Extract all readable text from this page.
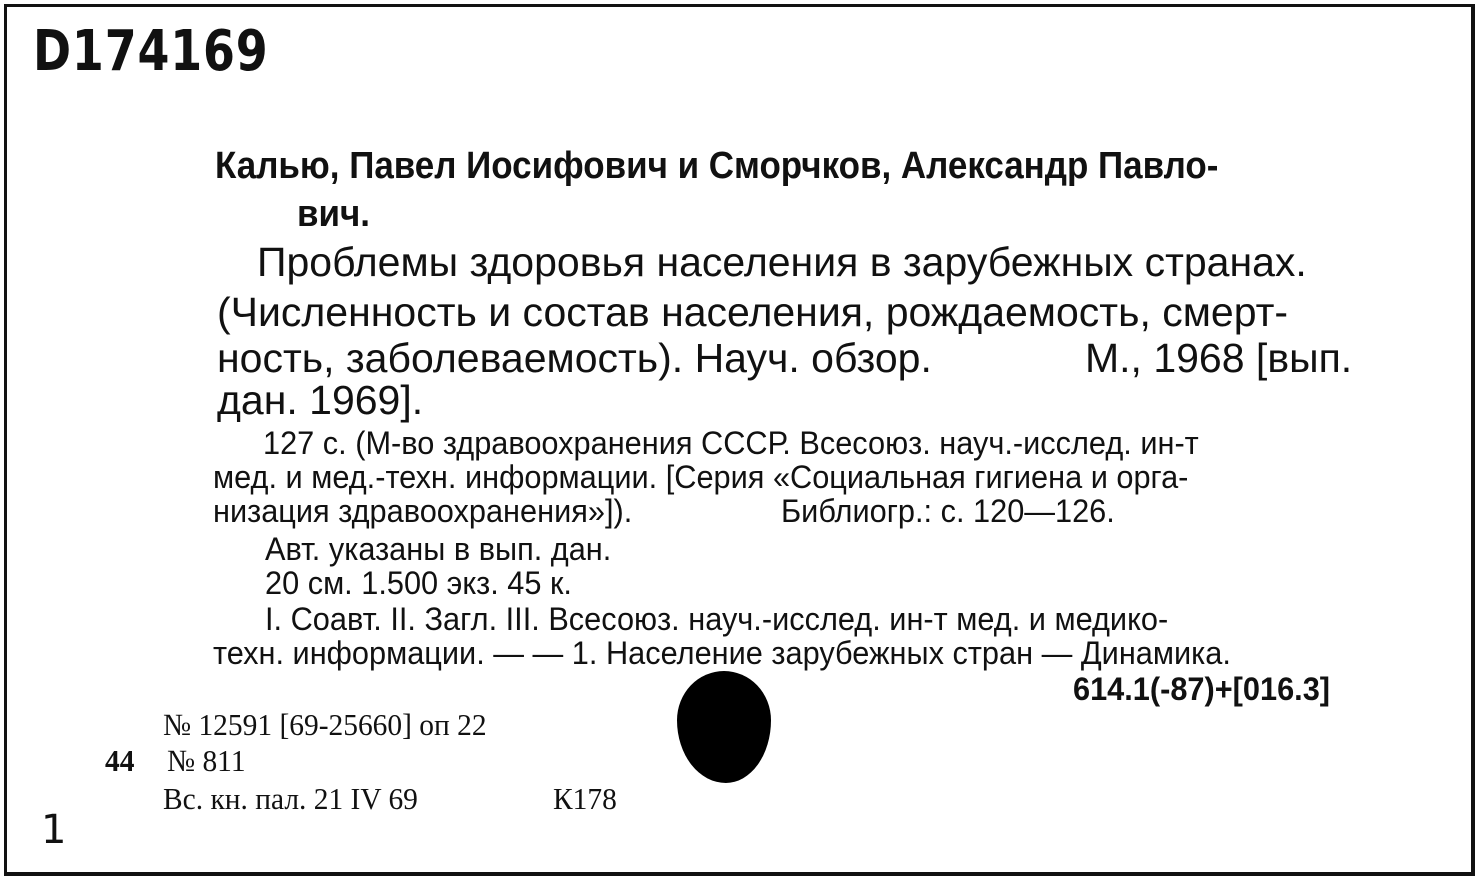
D174169
Калью, Павел Иосифович и Сморчков, Александр Павло-
вич.
Проблемы здоровья населения в зарубежных странах.
(Численность и состав населения, рождаемость, смерт-
ность, заболеваемость). Науч. обзор.	М., 1968 [вып.
дан. 1969].
127 с. (М-во здравоохранения СССР. Всесоюз. науч.-исслед. ин-т
мед. и мед.-техн. информации. [Серия «Социальная гигиена и орга-
низация здравоохранения»]).	Библиогр.: с. 120—126.
Авт. указаны в вып. дан.
20 см. 1.500 экз. 45 к.
I. Соавт. II. Загл. III. Всесоюз. науч.-исслед. ин-т мед. и медико-
техн. информации. — — 1. Население зарубежных стран — Динамика.
614.1(-87)+[016.3]
№ 12591 [69-25660] оп 22
44 № 811
Вс. кн. пал. 21 IV 69	К178
1
